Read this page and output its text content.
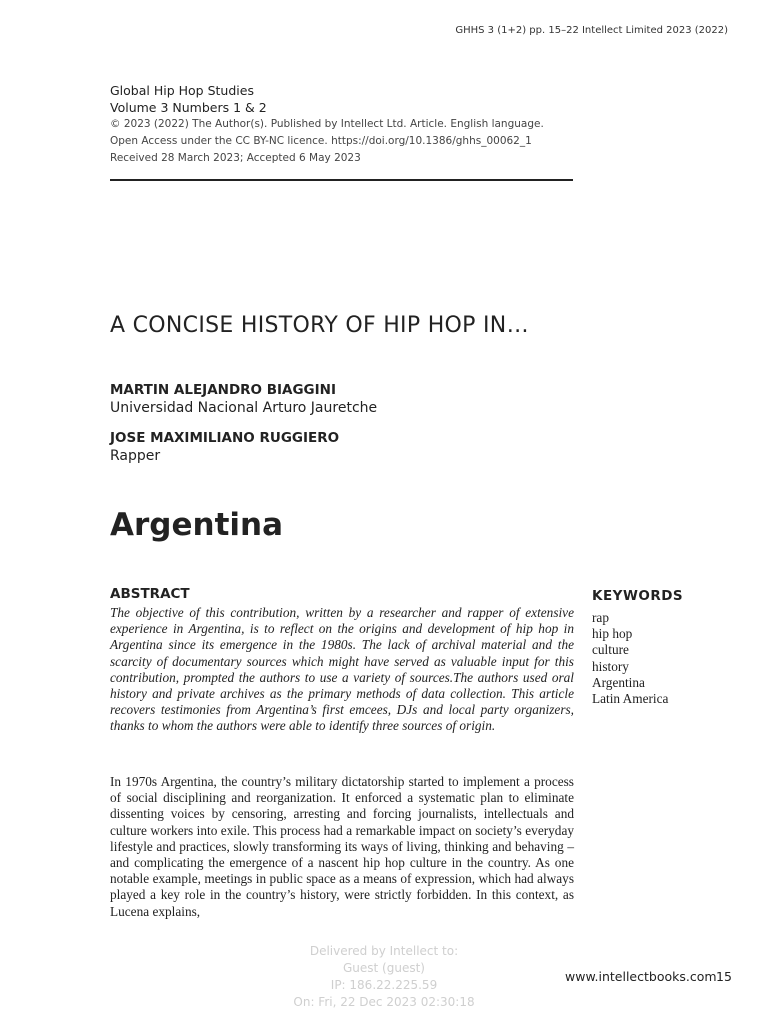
GHHS 3 (1+2) pp. 15–22 Intellect Limited 2023 (2022)
Global Hip Hop Studies
Volume 3 Numbers 1 & 2
© 2023 (2022) The Author(s). Published by Intellect Ltd. Article. English language.
Open Access under the CC BY-NC licence. https://doi.org/10.1386/ghhs_00062_1
Received 28 March 2023; Accepted 6 May 2023
A CONCISE HISTORY OF HIP HOP IN…
MARTIN ALEJANDRO BIAGGINI
Universidad Nacional Arturo Jauretche
JOSE MAXIMILIANO RUGGIERO
Rapper
Argentina
ABSTRACT
The objective of this contribution, written by a researcher and rapper of extensive experience in Argentina, is to reflect on the origins and development of hip hop in Argentina since its emergence in the 1980s. The lack of archival material and the scarcity of documentary sources which might have served as valuable input for this contribution, prompted the authors to use a variety of sources.The authors used oral history and private archives as the primary methods of data collection. This article recovers testimonies from Argentina’s first emcees, DJs and local party organizers, thanks to whom the authors were able to identify three sources of origin.
KEYWORDS
rap
hip hop
culture
history
Argentina
Latin America
In 1970s Argentina, the country’s military dictatorship started to implement a process of social disciplining and reorganization. It enforced a systematic plan to eliminate dissenting voices by censoring, arresting and forcing journalists, intellectuals and culture workers into exile. This process had a remarkable impact on society’s everyday lifestyle and practices, slowly transforming its ways of living, thinking and behaving – and complicating the emergence of a nascent hip hop culture in the country. As one notable example, meetings in public space as a means of expression, which had always played a key role in the country’s history, were strictly forbidden. In this context, as Lucena explains,
Delivered by Intellect to:
Guest (guest)
IP: 186.22.225.59
On: Fri, 22 Dec 2023 02:30:18
www.intellectbooks.com 15
